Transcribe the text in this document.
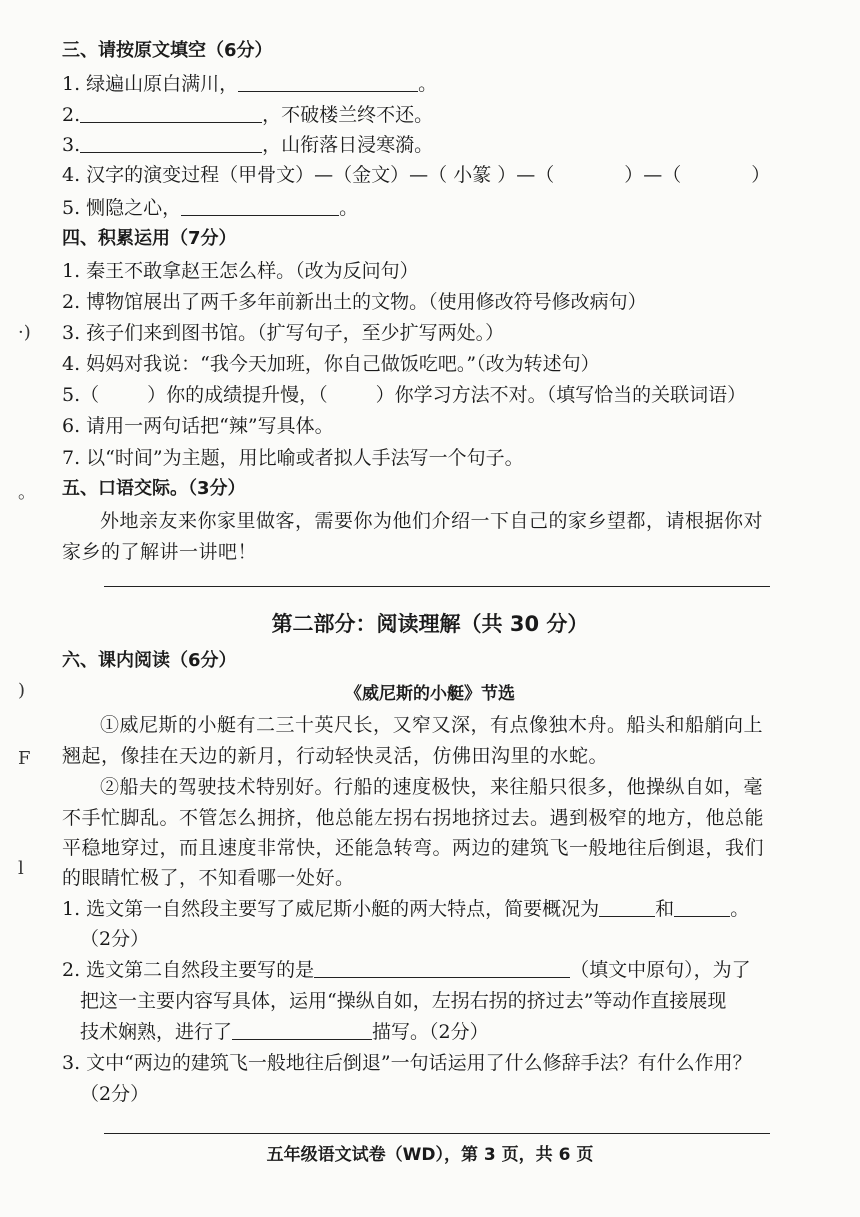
·)
。
)
F
l
三、请按原文填空（6分）
1. 绿遍山原白满川，	。
2.	，不破楼兰终不还。
3.	，山衔落日浸寒漪。
4. 汉字的演变过程（甲骨文）—（金文）—（ 小篆 ）—（	）—（	）
5. 恻隐之心，	。
四、积累运用（7分）
1. 秦王不敢拿赵王怎么样。（改为反问句）
2. 博物馆展出了两千多年前新出土的文物。（使用修改符号修改病句）
3. 孩子们来到图书馆。（扩写句子，至少扩写两处。）
4. 妈妈对我说：“我今天加班，你自己做饭吃吧。”（改为转述句）
5.（	）你的成绩提升慢，（	）你学习方法不对。（填写恰当的关联词语）
6. 请用一两句话把“辣”写具体。
7. 以“时间”为主题，用比喻或者拟人手法写一个句子。
五、口语交际。（3分）
外地亲友来你家里做客，需要你为他们介绍一下自己的家乡望都，请根据你对
家乡的了解讲一讲吧！
第二部分：阅读理解（共 30 分）
六、课内阅读（6分）
《威尼斯的小艇》节选
①威尼斯的小艇有二三十英尺长，又窄又深，有点像独木舟。船头和船艄向上
翘起，像挂在天边的新月，行动轻快灵活，仿佛田沟里的水蛇。
②船夫的驾驶技术特别好。行船的速度极快，来往船只很多，他操纵自如，毫
不手忙脚乱。不管怎么拥挤，他总能左拐右拐地挤过去。遇到极窄的地方，他总能
平稳地穿过，而且速度非常快，还能急转弯。两边的建筑飞一般地往后倒退，我们
的眼睛忙极了，不知看哪一处好。
1. 选文第一自然段主要写了威尼斯小艇的两大特点，简要概况为	和	。
（2分）
2. 选文第二自然段主要写的是	（填文中原句），为了
把这一主要内容写具体，运用“操纵自如，左拐右拐的挤过去”等动作直接展现
技术娴熟，进行了	描写。（2分）
3. 文中“两边的建筑飞一般地往后倒退”一句话运用了什么修辞手法？有什么作用？
（2分）
五年级语文试卷（WD），第 3 页，共 6 页
